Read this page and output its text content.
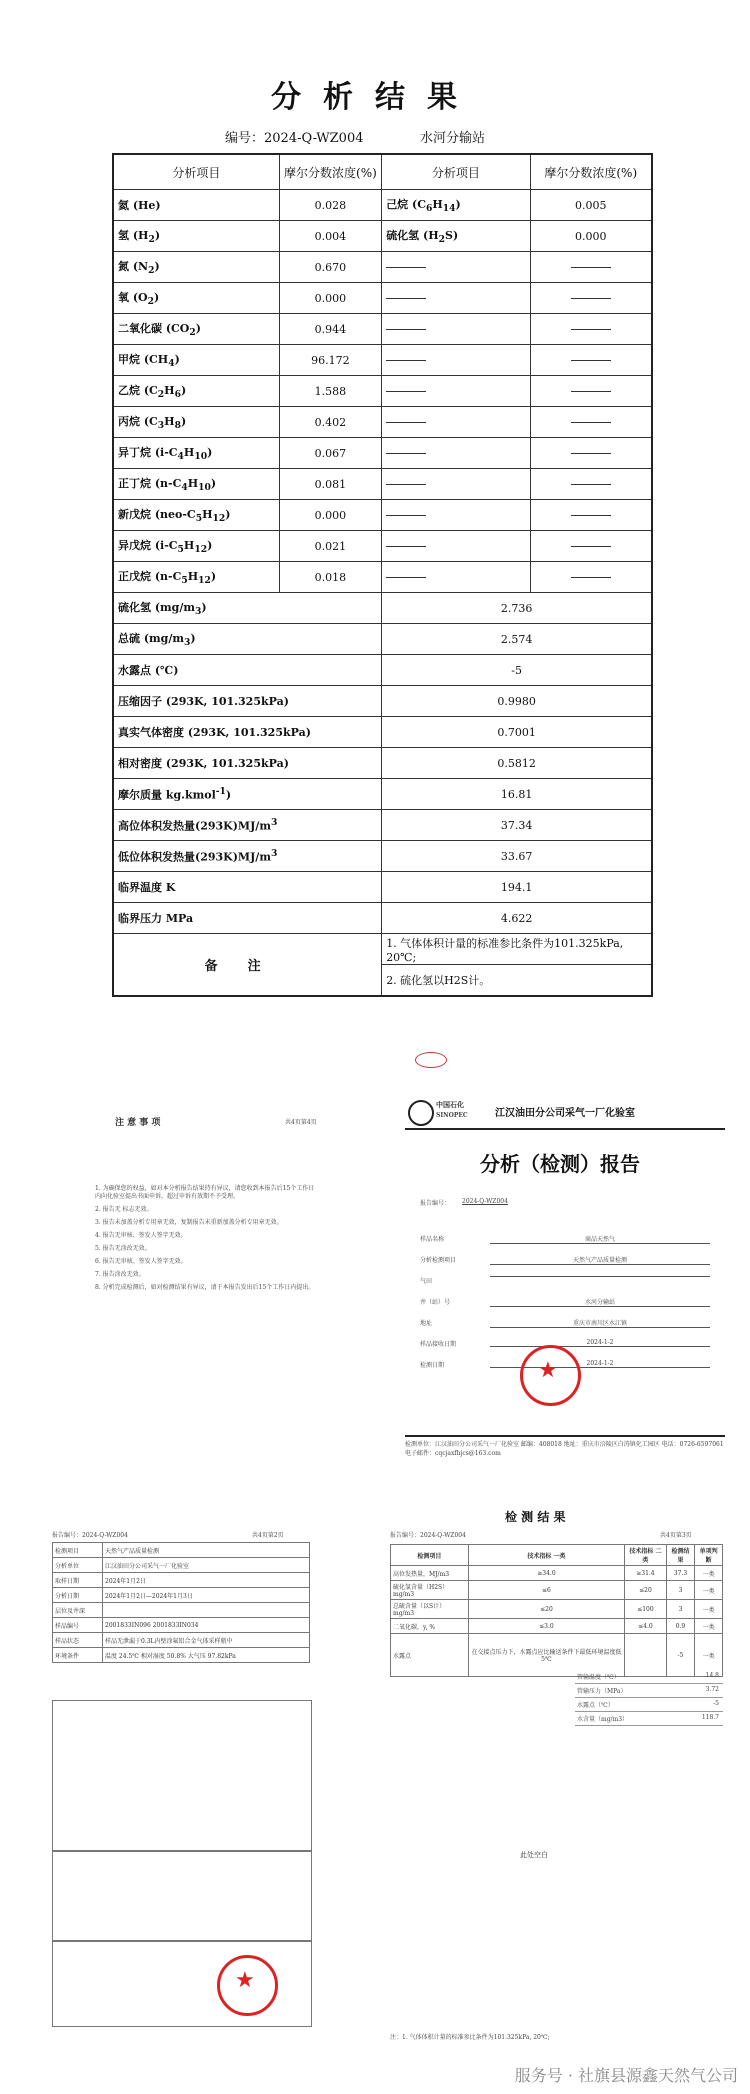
分析结果
编号：2024-Q-WZ004	水河分输站
分析项目	摩尔分数浓度(%)	分析项目	摩尔分数浓度(%)
氦 (He)	0.028	己烷 $(C_6H_{14})$	0.005
氢 $(H_2)$	0.004	硫化氢 $(H_2S)$	0.000
氮 $(N_2)$	0.670		
氧 $(O_2)$	0.000		
二氧化碳 $(CO_2)$	0.944		
甲烷 $(CH_4)$	96.172		
乙烷 $(C_2H_6)$	1.588		
丙烷 $(C_3H_8)$	0.402		
异丁烷 $(i-C_4H_{10})$	0.067		
正丁烷 $(n-C_4H_{10})$	0.081		
新戊烷 $(neo-C_5H_{12})$	0.000		
异戊烷 $(i-C_5H_{12})$	0.021		
正戊烷 $(n-C_5H_{12})$	0.018		
硫化氢 $(mg/m_3)$		2.736	
总硫 $(mg/m_3)$		2.574	
水露点 (℃)		-5	
压缩因子 (293K, 101.325kPa)		0.9980	
真实气体密度 (293K, 101.325kPa)		0.7001	
相对密度 (293K, 101.325kPa)		0.5812	
摩尔质量 kg.kmol$^{-1}$)		16.81	
高位体积发热量$(293K)MJ/m^3$		37.34	
低位体积发热量$(293K)MJ/m^3$		33.67	
临界温度 K		194.1	
临界压力 MPa		4.622	
备注		1. 气体体积计量的标准参比条件为101.325kPa, 20℃;	
		2. 硫化氢以H2S计。	
注 意 事 项	共4页第4页
1. 为确保您的权益，如对本分析报告结果持有异议，请您收到本报告后15个工作日内向化验室提出书面申诉，超过申诉有效期不予受理。
2. 报告无 标志无效。
3. 报告未加盖分析专用章无效，复制报告未重新加盖分析专用章无效。
4. 报告无审核、签发人签字无效。
5. 报告无涂改无效。
6. 报告无审核、签发人签字无效。
7. 报告涂改无效。
8. 分析完成检测后，如对检测结果有异议，请于本报告发出后15个工作日内提出。
中国石化
SINOPEC	江汉油田分公司采气一厂化验室
分析（检测）报告
报告编号： 2024-Q-WZ004
样品名称	商品天然气
分析检测项目	天然气产品质量检测
气田
井（站）号	水河分输站
地址	重庆市南川区水江镇
样品接收日期	2024-1-2
检测日期	2024-1-2
★
检测单位：江汉油田分公司采气一厂化验室 邮编：408018 地址：重庆市涪陵区白涛镇化工园区 电话：0726-6597061 电子邮件：cqcjaxfhjcs@163.com
报告编号：2024-Q-WZ004	共4页第2页
检测项目	天然气产品质量检测
分析单位	江汉油田分公司采气一厂化验室
取样日期	2024年1月2日
分析日期	2024年1月2日—2024年1月3日
层位及井深	
样品编号	2001833IN096 2001833IN034
样品状态	样品无泄漏于0.3L内壁涂氟铝合金气体采样瓶中
环境条件	温度 24.5℃ 相对湿度 50.8% 大气压 97.82kPa
★
检 测 结 果
报告编号：2024-Q-WZ004	共4页第3页
检测项目	技术指标 一类	技术指标 二类	检测结果	单项判断
高位发热量，MJ/m3	≥34.0	≥31.4	37.3	一类
硫化氢含量（H2S）mg/m3	≤6	≤20	3	一类
总硫含量（以S计）mg/m3	≤20	≤100	3	一类
二氧化碳，y, %	≤3.0	≤4.0	0.9	一类
水露点	在交接点压力下，水露点应比输送条件下最低环境温度低5℃		-5	一类
管输温度（℃）	14.8
管输压力（MPa）	3.72
水露点（℃）	-5
水含量（mg/m3）	118.7
此处空白
注：1. 气体体积计量的标准参比条件为101.325kPa, 20℃;
服务号 · 社旗县源鑫天然气公司
